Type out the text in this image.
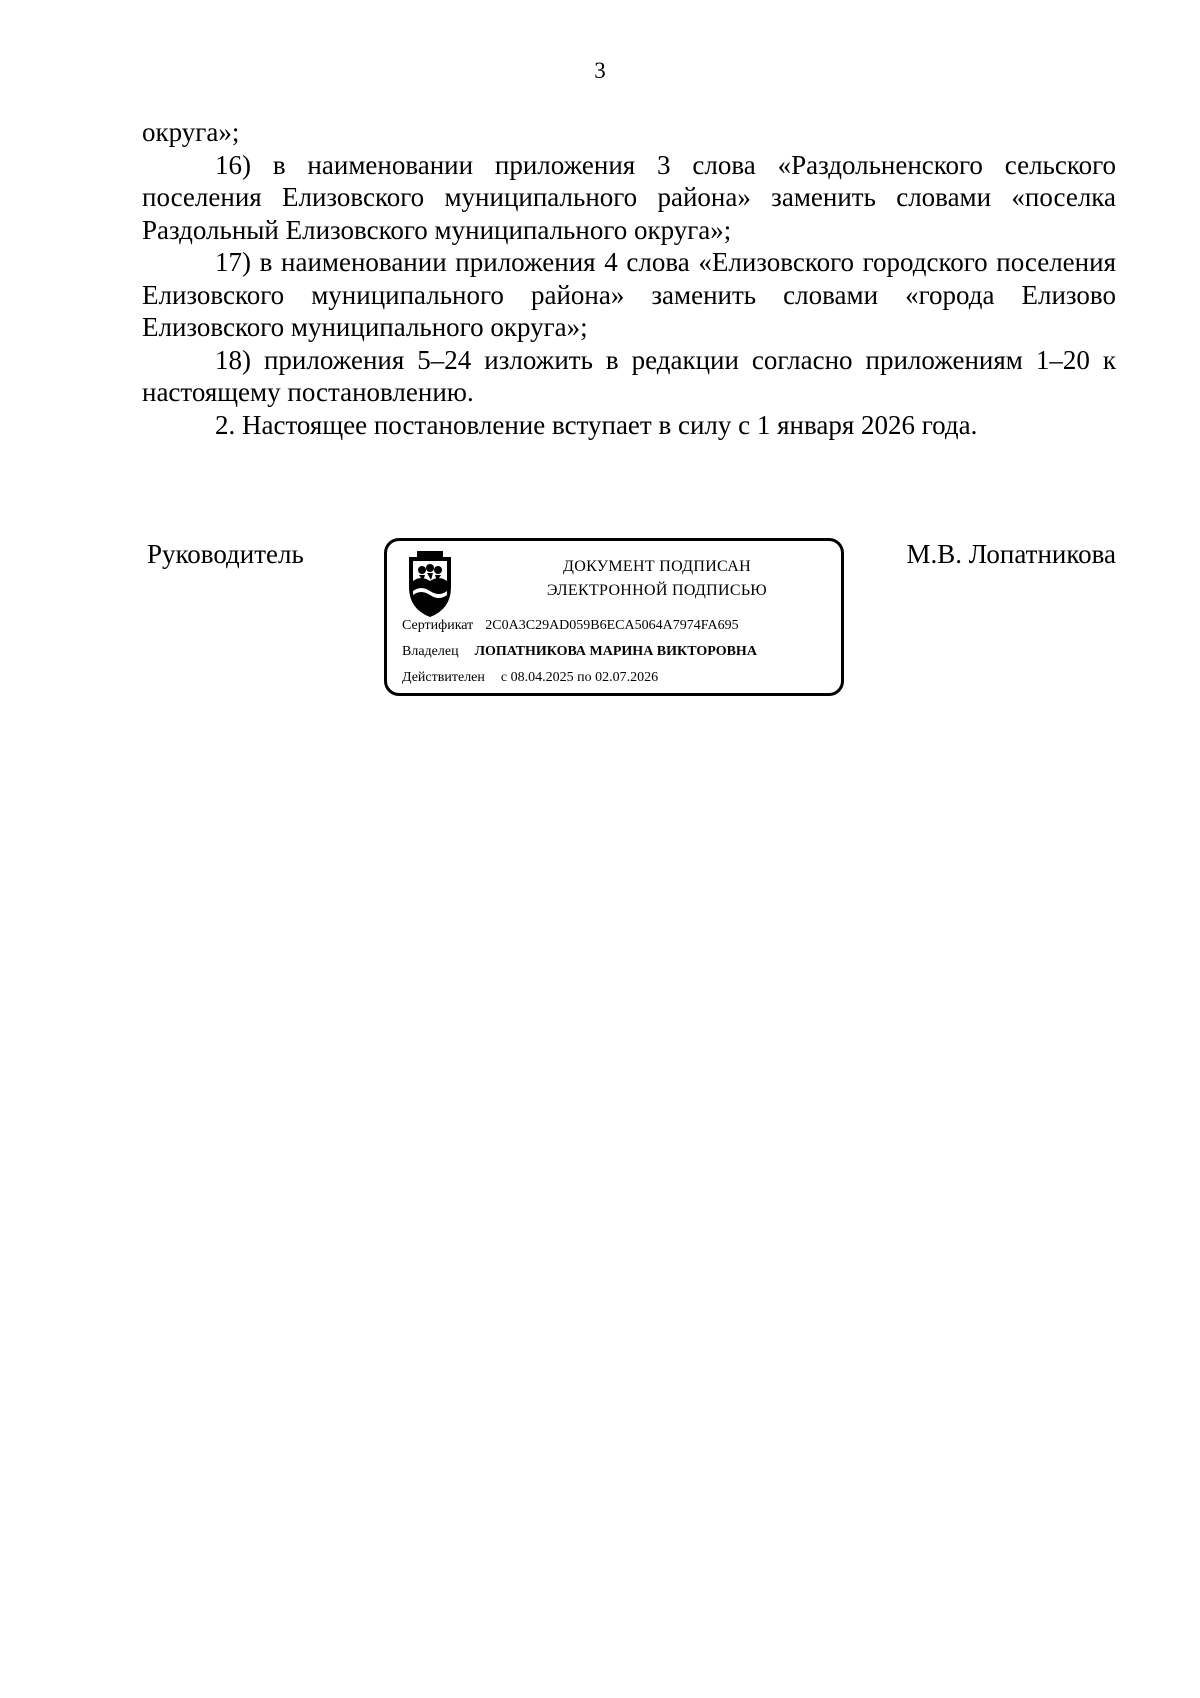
3

округа»;

16) в наименовании приложения 3 слова «Раздольненского сельского поселения Елизовского муниципального района» заменить словами «поселка Раздольный Елизовского муниципального округа»;

17) в наименовании приложения 4 слова «Елизовского городского поселения Елизовского муниципального района» заменить словами «города Елизово Елизовского муниципального округа»;

18) приложения 5–24 изложить в редакции согласно приложениям 1–20 к настоящему постановлению.

2. Настоящее постановление вступает в силу с 1 января 2026 года.

Руководитель	ДОКУМЕНТ ПОДПИСАН
ЭЛЕКТРОННОЙ ПОДПИСЬЮ
Сертификат 2C0A3C29AD059B6ECA5064A7974FA695
Владелец ЛОПАТНИКОВА МАРИНА ВИКТОРОВНА
Действителен с 08.04.2025 по 02.07.2026
М.В. Лопатникова
